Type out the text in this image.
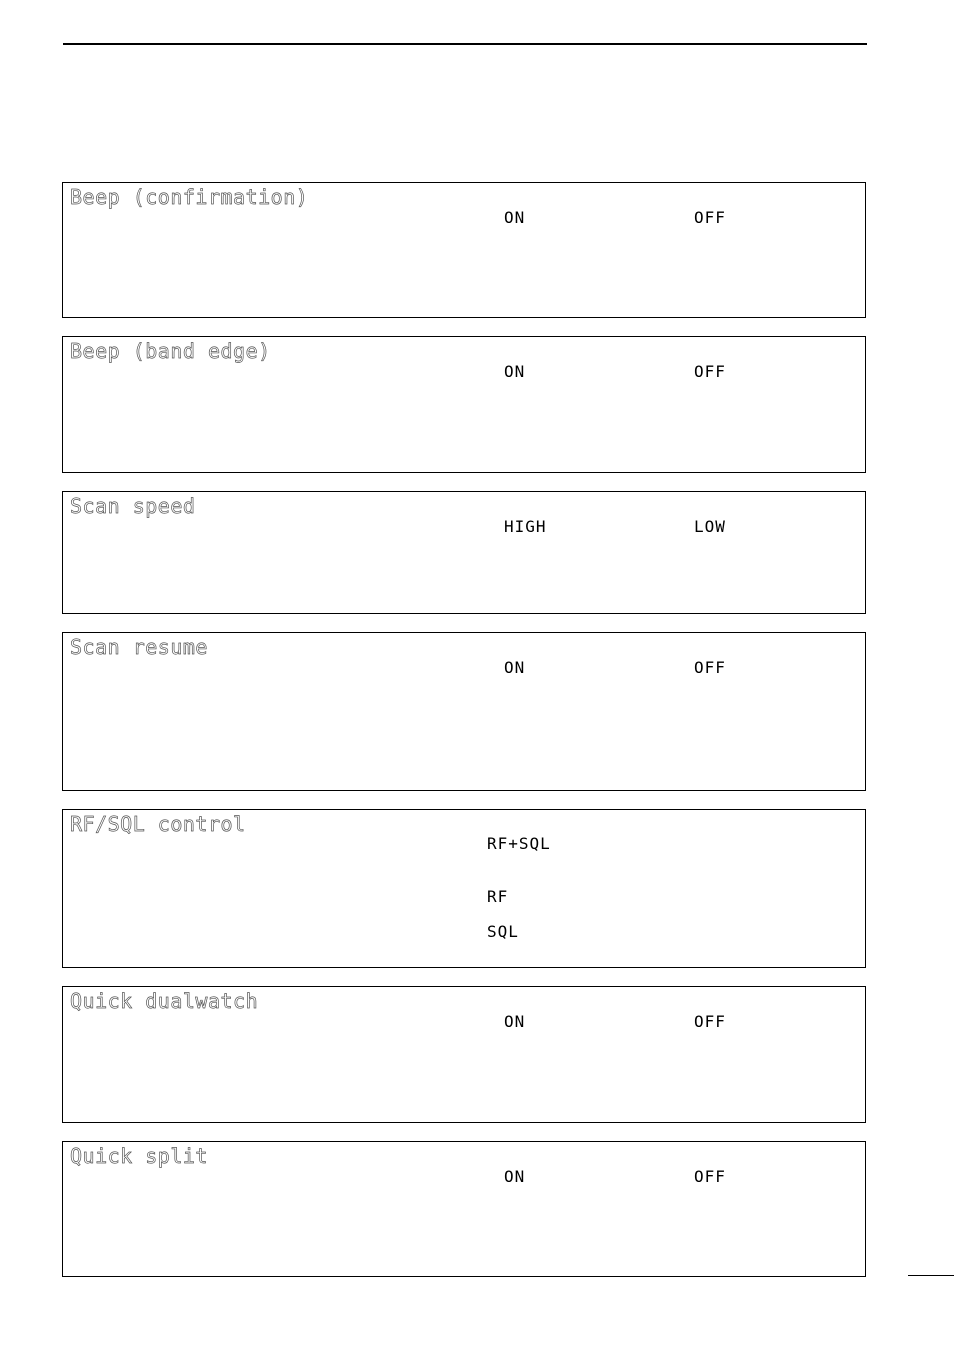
Beep (confirmation)
ON	OFF
Beep (band edge)
ON	OFF
Scan speed
HIGH	LOW
Scan resume
ON	OFF
RF/SQL control
RF+SQL
RF
SQL
Quick dualwatch
ON	OFF
Quick split
ON	OFF
